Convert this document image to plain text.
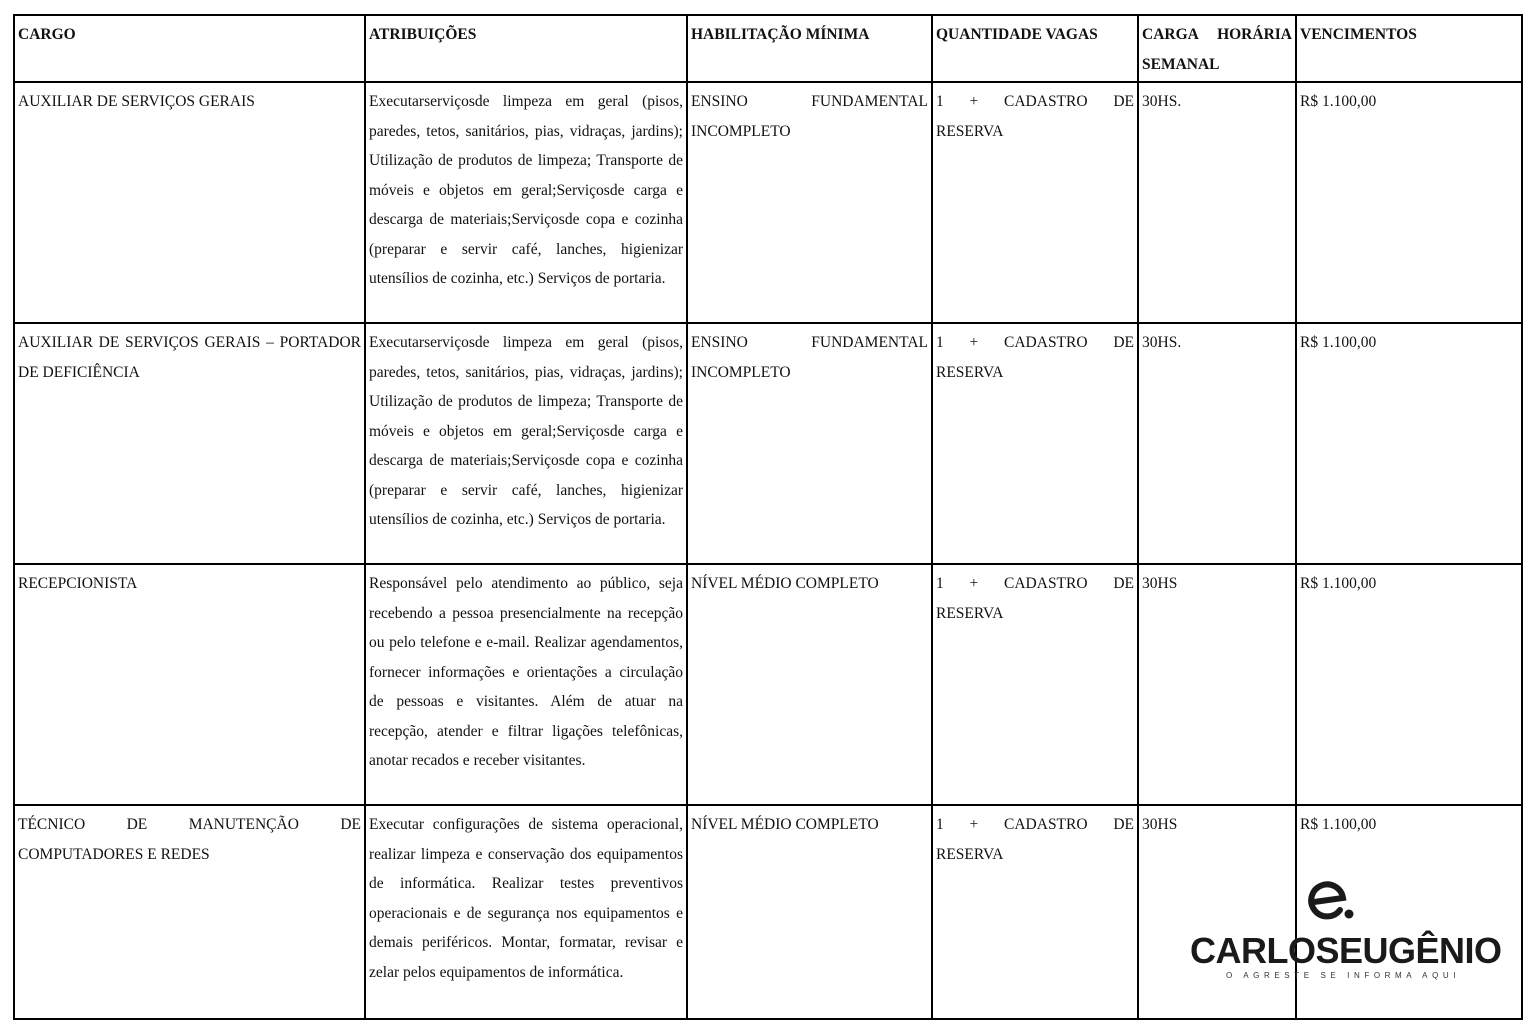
CARGO	ATRIBUIÇÕES	HABILITAÇÃO MÍNIMA	QUANTIDADE VAGAS	CARGA HORÁRIA SEMANAL	VENCIMENTOS
AUXILIAR DE SERVIÇOS GERAIS	Executarserviçosde limpeza em geral (pisos, paredes, tetos, sanitários, pias, vidraças, jardins); Utilização de produtos de limpeza; Transporte de móveis e objetos em geral;Serviçosde carga e descarga de materiais;Serviçosde copa e cozinha (preparar e servir café, lanches, higienizar utensílios de cozinha, etc.) Serviços de portaria.	ENSINO FUNDAMENTAL INCOMPLETO	1 + CADASTRO DE RESERVA	30HS.	R$ 1.100,00
AUXILIAR DE SERVIÇOS GERAIS – PORTADOR DE DEFICIÊNCIA	Executarserviçosde limpeza em geral (pisos, paredes, tetos, sanitários, pias, vidraças, jardins); Utilização de produtos de limpeza; Transporte de móveis e objetos em geral;Serviçosde carga e descarga de materiais;Serviçosde copa e cozinha (preparar e servir café, lanches, higienizar utensílios de cozinha, etc.) Serviços de portaria.	ENSINO FUNDAMENTAL INCOMPLETO	1 + CADASTRO DE RESERVA	30HS.	R$ 1.100,00
RECEPCIONISTA	Responsável pelo atendimento ao público, seja recebendo a pessoa presencialmente na recepção ou pelo telefone e e-mail. Realizar agendamentos, fornecer informações e orientações a circulação de pessoas e visitantes. Além de atuar na recepção, atender e filtrar ligações telefônicas, anotar recados e receber visitantes.	NÍVEL MÉDIO COMPLETO	1 + CADASTRO DE RESERVA	30HS	R$ 1.100,00
TÉCNICO DE MANUTENÇÃO DE COMPUTADORES E REDES	Executar configurações de sistema operacional, realizar limpeza e conservação dos equipamentos de informática. Realizar testes preventivos operacionais e de segurança nos equipamentos e demais periféricos. Montar, formatar, revisar e zelar pelos equipamentos de informática.	NÍVEL MÉDIO COMPLETO	1 + CADASTRO DE RESERVA	30HS	R$ 1.100,00
CARLOSEUGÊNIO
O AGRESTE SE INFORMA AQUI
